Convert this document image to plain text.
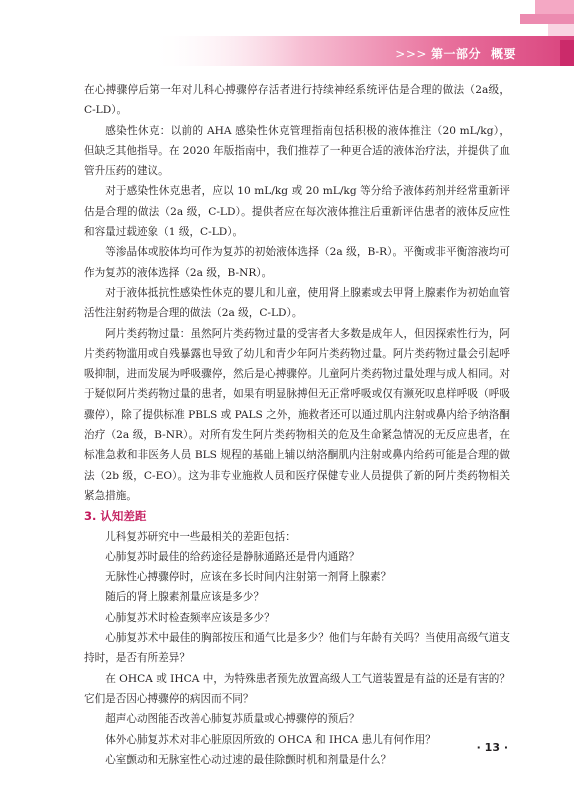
>>> 第一部分 概要

在心搏骤停后第一年对儿科心搏骤停存活者进行持续神经系统评估是合理的做法（2a级，C-LD）。

感染性休克：以前的 AHA 感染性休克管理指南包括积极的液体推注（20 mL/kg），但缺乏其他指导。在 2020 年版指南中，我们推荐了一种更合适的液体治疗法，并提供了血管升压药的建议。

对于感染性休克患者，应以 10 mL/kg 或 20 mL/kg 等分给予液体药剂并经常重新评估是合理的做法（2a 级，C-LD）。提供者应在每次液体推注后重新评估患者的液体反应性和容量过载迹象（1 级，C-LD）。

等渗晶体或胶体均可作为复苏的初始液体选择（2a 级，B-R）。平衡或非平衡溶液均可作为复苏的液体选择（2a 级，B-NR）。

对于液体抵抗性感染性休克的婴儿和儿童，使用肾上腺素或去甲肾上腺素作为初始血管活性注射药物是合理的做法（2a 级，C-LD）。

阿片类药物过量：虽然阿片类药物过量的受害者大多数是成年人，但因探索性行为，阿片类药物滥用或自残暴露也导致了幼儿和青少年阿片类药物过量。阿片类药物过量会引起呼吸抑制，进而发展为呼吸骤停，然后是心搏骤停。儿童阿片类药物过量处理与成人相同。对于疑似阿片类药物过量的患者，如果有明显脉搏但无正常呼吸或仅有濒死叹息样呼吸（呼吸骤停），除了提供标准 PBLS 或 PALS 之外，施救者还可以通过肌内注射或鼻内给予纳洛酮治疗（2a 级，B-NR）。对所有发生阿片类药物相关的危及生命紧急情况的无反应患者，在标准急救和非医务人员 BLS 规程的基础上辅以纳洛酮肌内注射或鼻内给药可能是合理的做法（2b 级，C-EO）。这为非专业施救人员和医疗保健专业人员提供了新的阿片类药物相关紧急措施。

3. 认知差距

儿科复苏研究中一些最相关的差距包括：

心肺复苏时最佳的给药途径是静脉通路还是骨内通路？

无脉性心搏骤停时，应该在多长时间内注射第一剂肾上腺素？

随后的肾上腺素剂量应该是多少？

心肺复苏术时检查频率应该是多少？

心肺复苏术中最佳的胸部按压和通气比是多少？他们与年龄有关吗？当使用高级气道支持时，是否有所差异？

在 OHCA 或 IHCA 中，为特殊患者预先放置高级人工气道装置是有益的还是有害的？它们是否因心搏骤停的病因而不同？

超声心动图能否改善心肺复苏质量或心搏骤停的预后？

体外心肺复苏术对非心脏原因所致的 OHCA 和 IHCA 患儿有何作用？

心室颤动和无脉室性心动过速的最佳除颤时机和剂量是什么？

· 13 ·
